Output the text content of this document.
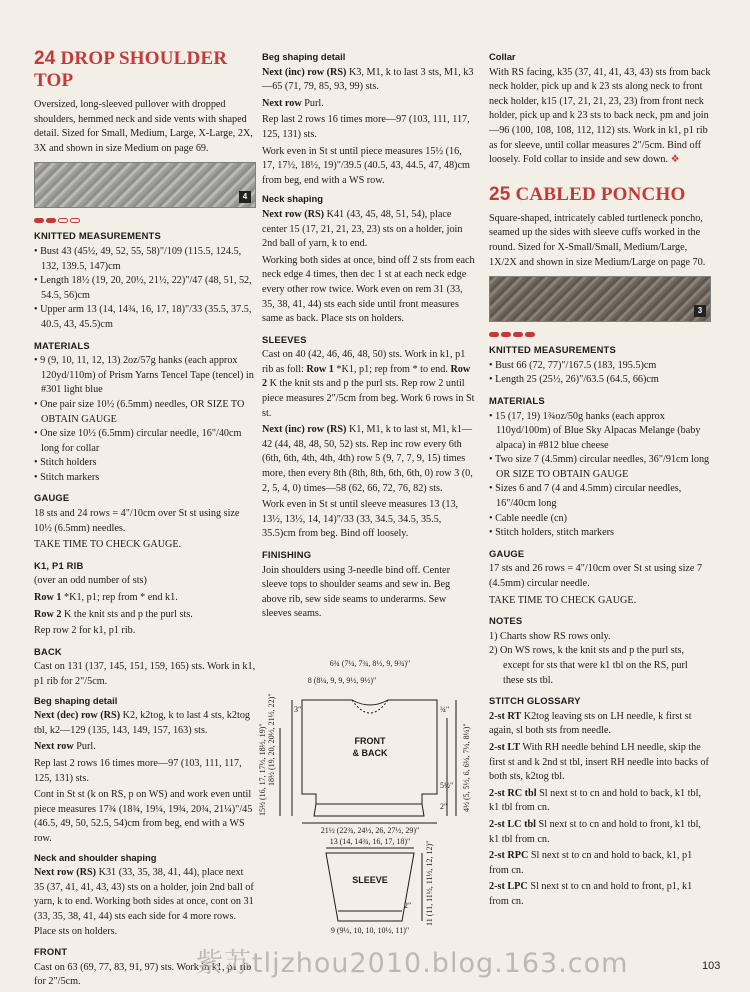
24 DROP SHOULDER TOP

Oversized, long-sleeved pullover with dropped shoulders, hemmed neck and side vents with shaped detail. Sized for Small, Medium, Large, X-Large, 2X, 3X and shown in size Medium on page 69.

4
KNITTED MEASUREMENTS

• Bust 43 (45½, 49, 52, 55, 58)"/109 (115.5, 124.5, 132, 139.5, 147)cm

• Length 18½ (19, 20, 20½, 21½, 22)"/47 (48, 51, 52, 54.5, 56)cm

• Upper arm 13 (14, 14¾, 16, 17, 18)"/33 (35.5, 37.5, 40.5, 43, 45.5)cm

MATERIALS

• 9 (9, 10, 11, 12, 13) 2oz/57g hanks (each approx 120yd/110m) of Prism Yarns Tencel Tape (tencel) in #301 light blue

• One pair size 10½ (6.5mm) needles, OR SIZE TO OBTAIN GAUGE

• One size 10½ (6.5mm) circular needle, 16"/40cm long for collar

• Stitch holders

• Stitch markers

GAUGE

18 sts and 24 rows = 4"/10cm over St st using size 10½ (6.5mm) needles.

TAKE TIME TO CHECK GAUGE.

K1, P1 RIB

(over an odd number of sts)

Row 1 *K1, p1; rep from * end k1.

Row 2 K the knit sts and p the purl sts.

Rep row 2 for k1, p1 rib.

BACK

Cast on 131 (137, 145, 151, 159, 165) sts. Work in k1, p1 rib for 2"/5cm.

Beg shaping detail

Next (dec) row (RS) K2, k2tog, k to last 4 sts, k2tog tbl, k2—129 (135, 143, 149, 157, 163) sts.

Next row Purl.

Rep last 2 rows 16 times more—97 (103, 111, 117, 125, 131) sts.

Cont in St st (k on RS, p on WS) and work even until piece measures 17¾ (18¾, 19¼, 19¾, 20¾, 21¼)"/45 (46.5, 49, 50, 52.5, 54)cm from beg, end with a WS row.

Neck and shoulder shaping

Next row (RS) K31 (33, 35, 38, 41, 44), place next 35 (37, 41, 41, 43, 43) sts on a holder, join 2nd ball of yarn, k to end. Working both sides at once, cont on 31 (33, 35, 38, 41, 44) sts each side for 4 more rows. Place sts on holders.

FRONT

Cast on 63 (69, 77, 83, 91, 97) sts. Work in k1, p1 rib for 2"/5cm.

Beg shaping detail

Next (inc) row (RS) K3, M1, k to last 3 sts, M1, k3—65 (71, 79, 85, 93, 99) sts.

Next row Purl.

Rep last 2 rows 16 times more—97 (103, 111, 117, 125, 131) sts.

Work even in St st until piece measures 15½ (16, 17, 17½, 18½, 19)"/39.5 (40.5, 43, 44.5, 47, 48)cm from beg, end with a WS row.

Neck shaping

Next row (RS) K41 (43, 45, 48, 51, 54), place center 15 (17, 21, 21, 23, 23) sts on a holder, join 2nd ball of yarn, k to end.

Working both sides at once, bind off 2 sts from each neck edge 4 times, then dec 1 st at each neck edge every other row twice. Work even on rem 31 (33, 35, 38, 41, 44) sts each side until front measures same as back. Place sts on holders.

SLEEVES

Cast on 40 (42, 46, 46, 48, 50) sts. Work in k1, p1 rib as foll: Row 1 *K1, p1; rep from * to end. Row 2 K the knit sts and p the purl sts. Rep row 2 until piece measures 2"/5cm from beg. Work 6 rows in St st.

Next (inc) row (RS) K1, M1, k to last st, M1, k1—42 (44, 48, 48, 50, 52) sts. Rep inc row every 6th (6th, 6th, 4th, 4th, 4th) row 5 (9, 7, 7, 9, 15) times more, then every 8th (8th, 8th, 6th, 6th, 0) row 3 (0, 2, 5, 4, 0) times—58 (62, 66, 72, 76, 82) sts.

Work even in St st until sleeve measures 13 (13, 13½, 13½, 14, 14)"/33 (33, 34.5, 34.5, 35.5, 35.5)cm from beg. Bind off loosely.

FINISHING

Join shoulders using 3-needle bind off. Center sleeve tops to shoulder seams and sew in. Beg above rib, sew side seams to underarms. Sew sleeves seams.

6¾ (7¼, 7¾, 8½, 9, 9¾)"
8 (8¼, 9, 9, 9½, 9½)"
3"	¾"
FRONT
& BACK
18½ (19, 20, 20½, 21½, 22)"
15½ (16, 17, 17½, 18½, 19)"	4½ (5, 5½, 6, 6¼, 7¼, 8¼)"
5½"
2"
21½ (22¾, 24½, 26, 27½, 29)"
13 (14, 14¾, 16, 17, 18)"
SLEEVE	11 (11, 11½, 11½, 12, 12)"
2"
9 (9½, 10, 10, 10½, 11)"
Collar

With RS facing, k35 (37, 41, 41, 43, 43) sts from back neck holder, pick up and k 23 sts along neck to front neck holder, k15 (17, 21, 21, 23, 23) from front neck holder, pick up and k 23 sts to back neck, pm and join—96 (100, 108, 108, 112, 112) sts. Work in k1, p1 rib as for sleeve, until collar measures 2"/5cm. Bind off loosely. Fold collar to inside and sew down. ❖

25 CABLED PONCHO

Square-shaped, intricately cabled turtleneck poncho, seamed up the sides with sleeve cuffs worked in the round. Sized for X-Small/Small, Medium/Large, 1X/2X and shown in size Medium/Large on page 70.

3
KNITTED MEASUREMENTS

• Bust 66 (72, 77)"/167.5 (183, 195.5)cm

• Length 25 (25½, 26)"/63.5 (64.5, 66)cm

MATERIALS

• 15 (17, 19) 1¾oz/50g hanks (each approx 110yd/100m) of Blue Sky Alpacas Melange (baby alpaca) in #812 blue cheese

• Two size 7 (4.5mm) circular needles, 36"/91cm long OR SIZE TO OBTAIN GAUGE

• Sizes 6 and 7 (4 and 4.5mm) circular needles, 16"/40cm long

• Cable needle (cn)

• Stitch holders, stitch markers

GAUGE

17 sts and 26 rows = 4"/10cm over St st using size 7 (4.5mm) circular needle.

TAKE TIME TO CHECK GAUGE.

NOTES

1) Charts show RS rows only.

2) On WS rows, k the knit sts and p the purl sts, except for sts that were k1 tbl on the RS, purl these sts tbl.

STITCH GLOSSARY

2-st RT K2tog leaving sts on LH needle, k first st again, sl both sts from needle.

2-st LT With RH needle behind LH needle, skip the first st and k 2nd st tbl, insert RH needle into backs of both sts, k2tog tbl.

2-st RC tbl Sl next st to cn and hold to back, k1 tbl, k1 tbl from cn.

2-st LC tbl Sl next st to cn and hold to front, k1 tbl, k1 tbl from cn.

2-st RPC Sl next st to cn and hold to back, k1, p1 from cn.

2-st LPC Sl next st to cn and hold to front, p1, k1 from cn.

紫苏tljzhou2010.blog.163.com	103
